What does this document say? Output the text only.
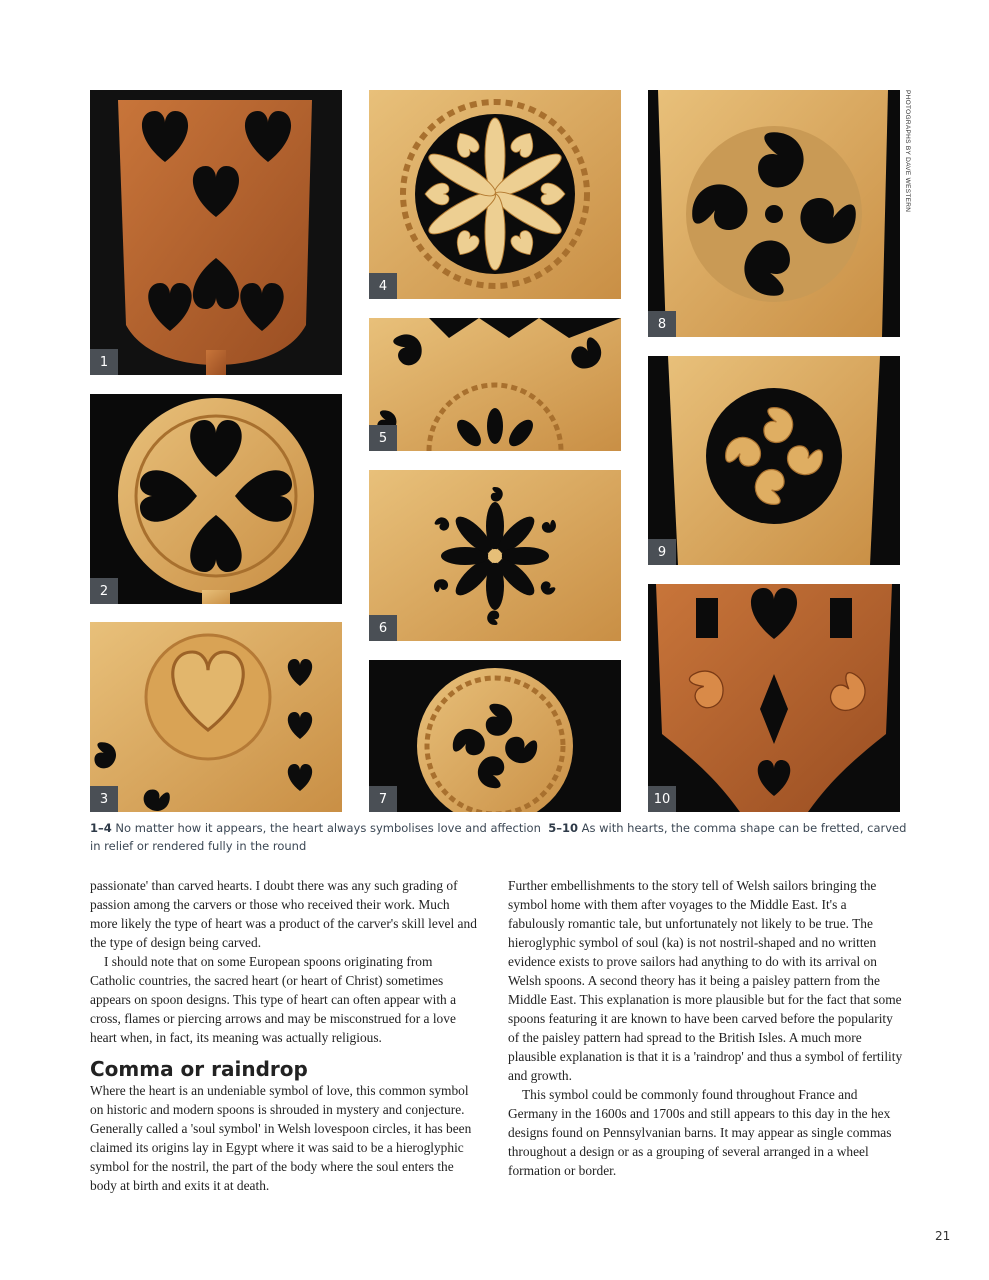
1
2
3
4
5
6
7
8
9
10
PHOTOGRAPHS BY DAVE WESTERN
1–4 No matter how it appears, the heart always symbolises love and affection 5–10 As with hearts, the comma shape can be fretted, carved in relief or rendered fully in the round

passionate' than carved hearts. I doubt there was any such grading of passion among the carvers or those who received their work. Much more likely the type of heart was a product of the carver's skill level and the type of design being carved.

I should note that on some European spoons originating from Catholic countries, the sacred heart (or heart of Christ) sometimes appears on spoon designs. This type of heart can often appear with a cross, flames or piercing arrows and may be misconstrued for a love heart when, in fact, its meaning was actually religious.

Comma or raindrop

Where the heart is an undeniable symbol of love, this common symbol on historic and modern spoons is shrouded in mystery and conjecture. Generally called a 'soul symbol' in Welsh lovespoon circles, it has been claimed its origins lay in Egypt where it was said to be a hieroglyphic symbol for the nostril, the part of the body where the soul enters the body at birth and exits it at death.

Further embellishments to the story tell of Welsh sailors bringing the symbol home with them after voyages to the Middle East. It's a fabulously romantic tale, but unfortunately not likely to be true. The hieroglyphic symbol of soul (ka) is not nostril-shaped and no written evidence exists to prove sailors had anything to do with its arrival on Welsh spoons. A second theory has it being a paisley pattern from the Middle East. This explanation is more plausible but for the fact that some spoons featuring it are known to have been carved before the popularity of the paisley pattern had spread to the British Isles. A much more plausible explanation is that it is a 'raindrop' and thus a symbol of fertility and growth.

This symbol could be commonly found throughout France and Germany in the 1600s and 1700s and still appears to this day in the hex designs found on Pennsylvanian barns. It may appear as single commas throughout a design or as a grouping of several arranged in a wheel formation or border.

21
